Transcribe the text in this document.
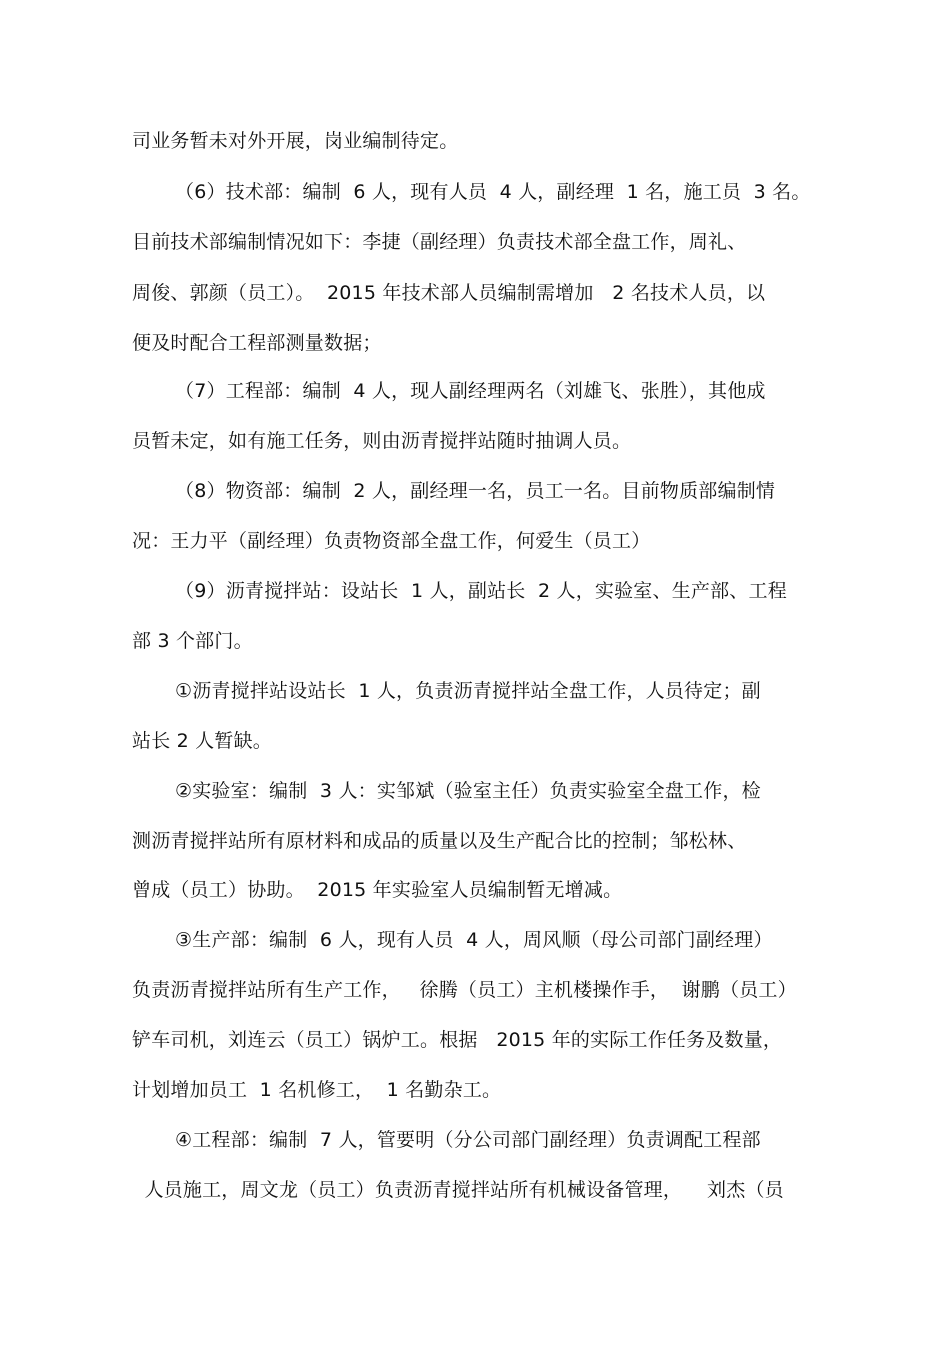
司业务暂未对外开展，岗业编制待定。
（6）技术部：编制  6 人，现有人员  4 人，副经理  1 名，施工员  3 名。
目前技术部编制情况如下：李捷（副经理）负责技术部全盘工作，周礼、
周俊、郭颜（员工）。  2015 年技术部人员编制需增加   2 名技术人员，以
便及时配合工程部测量数据；
（7）工程部：编制  4 人，现人副经理两名（刘雄飞、张胜），其他成
员暂未定，如有施工任务，则由沥青搅拌站随时抽调人员。
（8）物资部：编制  2 人，副经理一名，员工一名。目前物质部编制情
况：王力平（副经理）负责物资部全盘工作，何爱生（员工）
（9）沥青搅拌站：设站长  1 人，副站长  2 人，实验室、生产部、工程
部 3 个部门。
①沥青搅拌站设站长  1 人，负责沥青搅拌站全盘工作，人员待定；副
站长 2 人暂缺。
②实验室：编制  3 人：实邹斌（验室主任）负责实验室全盘工作，检
测沥青搅拌站所有原材料和成品的质量以及生产配合比的控制；邹松林、
曾成（员工）协助。  2015 年实验室人员编制暂无增减。
③生产部：编制  6 人，现有人员  4 人，周风顺（母公司部门副经理）
负责沥青搅拌站所有生产工作，   徐腾（员工）主机楼操作手，  谢鹏（员工）
铲车司机，刘连云（员工）锅炉工。根据   2015 年的实际工作任务及数量，
计划增加员工  1 名机修工，  1 名勤杂工。
④工程部：编制  7 人，管要明（分公司部门副经理）负责调配工程部
人员施工，周文龙（员工）负责沥青搅拌站所有机械设备管理，    刘杰（员
